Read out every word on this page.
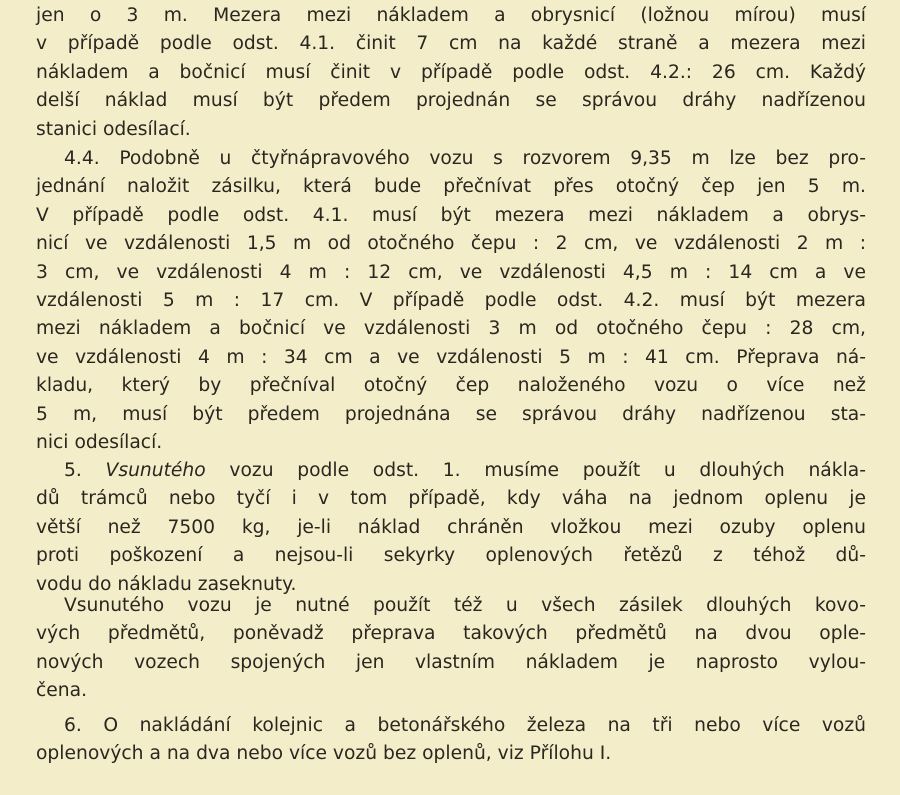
jen o 3 m. Mezera mezi nákladem a obrysnicí (ložnou mírou) musí
v případě podle odst. 4.1. činit 7 cm na každé straně a mezera mezi
nákladem a bočnicí musí činit v případě podle odst. 4.2.: 26 cm. Každý
delší náklad musí být předem projednán se správou dráhy nadřízenou
stanici odesílací.
4.4. Podobně u čtyřnápravového vozu s rozvorem 9,35 m lze bez pro-
jednání naložit zásilku, která bude přečnívat přes otočný čep jen 5 m.
V případě podle odst. 4.1. musí být mezera mezi nákladem a obrys-
nicí ve vzdálenosti 1,5 m od otočného čepu : 2 cm, ve vzdálenosti 2 m :
3 cm, ve vzdálenosti 4 m : 12 cm, ve vzdálenosti 4,5 m : 14 cm a ve
vzdálenosti 5 m : 17 cm. V případě podle odst. 4.2. musí být mezera
mezi nákladem a bočnicí ve vzdálenosti 3 m od otočného čepu : 28 cm,
ve vzdálenosti 4 m : 34 cm a ve vzdálenosti 5 m : 41 cm. Přeprava ná-
kladu, který by přečníval otočný čep naloženého vozu o více než
5 m, musí být předem projednána se správou dráhy nadřízenou sta-
nici odesílací.
5. Vsunutého vozu podle odst. 1. musíme použít u dlouhých nákla-
dů trámců nebo tyčí i v tom případě, kdy váha na jednom oplenu je
větší než 7500 kg, je-li náklad chráněn vložkou mezi ozuby oplenu
proti poškození a nejsou-li sekyrky oplenových řetězů z téhož dů-
vodu do nákladu zaseknuty.
Vsunutého vozu je nutné použít též u všech zásilek dlouhých kovo-
vých předmětů, poněvadž přeprava takových předmětů na dvou ople-
nových vozech spojených jen vlastním nákladem je naprosto vylou-
čena.
6. O nakládání kolejnic a betonářského železa na tři nebo více vozů
oplenových a na dva nebo více vozů bez oplenů, viz Přílohu I.
